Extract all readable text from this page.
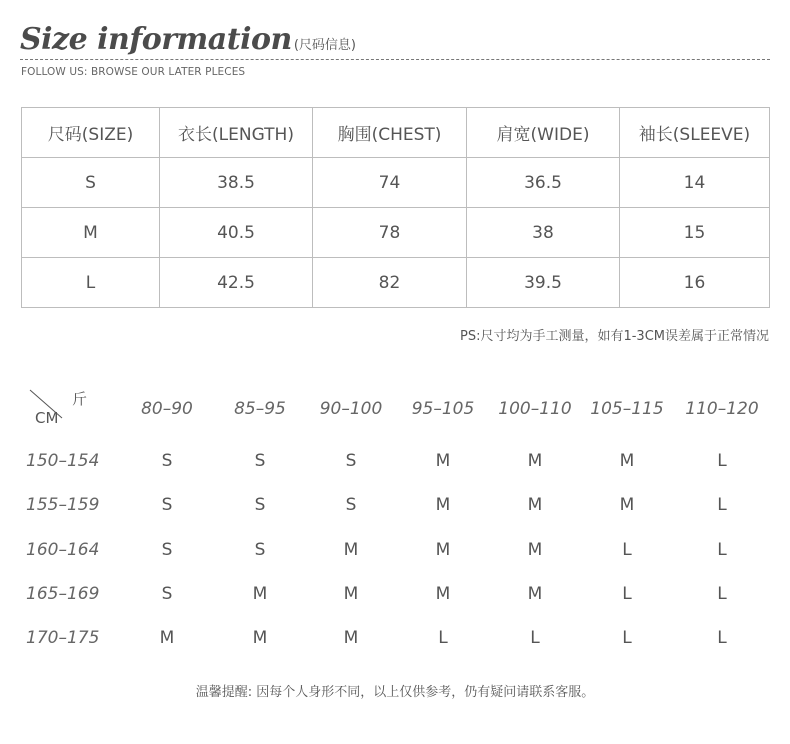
Size information (尺码信息)
FOLLOW US: BROWSE OUR LATER PLECES
尺码(SIZE)	衣长(LENGTH)	胸围(CHEST)	肩宽(WIDE)	袖长(SLEEVE)
S	38.5	74	36.5	14
M	40.5	78	38	15
L	42.5	82	39.5	16
PS:尺寸均为手工测量，如有1-3CM误差属于正常情况
斤
CM	80–90	85–95	90–100	95–105	100–110	105–115	110–120
150–154	S	S	S	M	M	M	L
155–159	S	S	S	M	M	M	L
160–164	S	S	M	M	M	L	L
165–169	S	M	M	M	M	L	L
170–175	M	M	M	L	L	L	L
温馨提醒: 因每个人身形不同，以上仅供参考，仍有疑问请联系客服。
